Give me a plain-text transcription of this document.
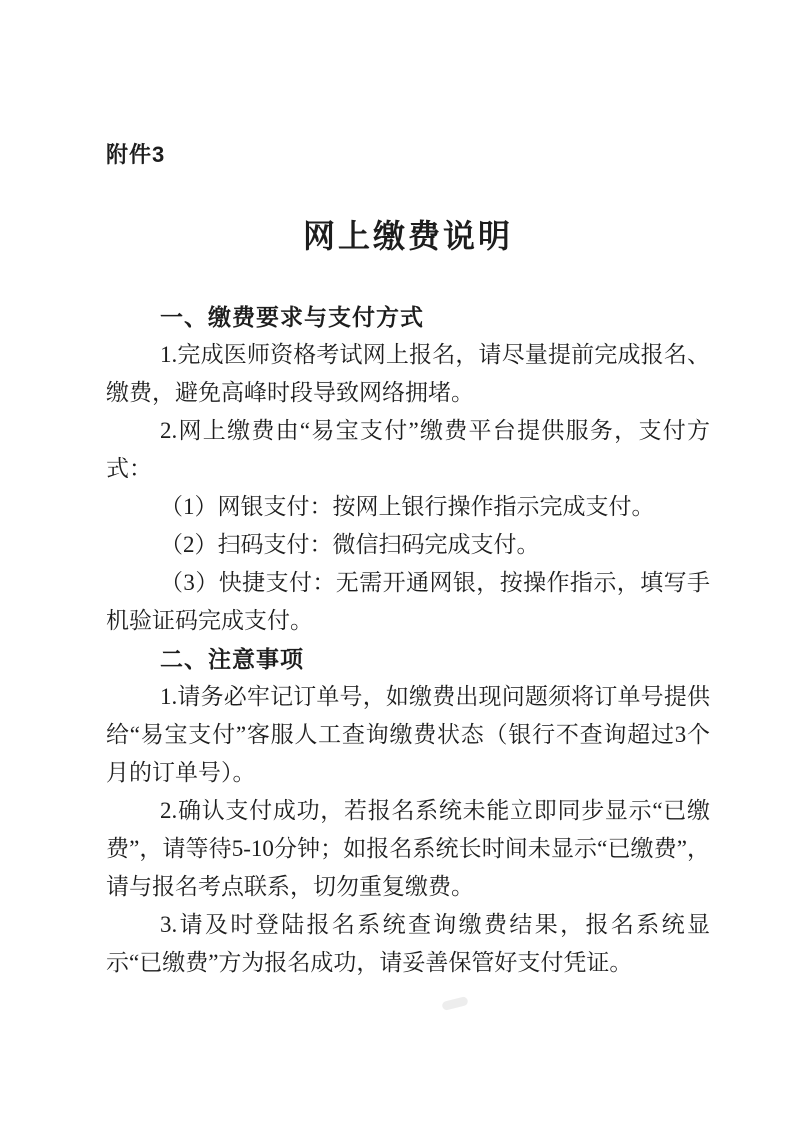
附件3
网上缴费说明
一、缴费要求与支付方式

1.完成医师资格考试网上报名，请尽量提前完成报名、缴费，避免高峰时段导致网络拥堵。

2.网上缴费由“易宝支付”缴费平台提供服务，支付方式：

（1）网银支付：按网上银行操作指示完成支付。

（2）扫码支付：微信扫码完成支付。

（3）快捷支付：无需开通网银，按操作指示，填写手机验证码完成支付。

二、注意事项

1.请务必牢记订单号，如缴费出现问题须将订单号提供给“易宝支付”客服人工查询缴费状态（银行不查询超过3个月的订单号）。

2.确认支付成功，若报名系统未能立即同步显示“已缴费”，请等待5-10分钟；如报名系统长时间未显示“已缴费”，请与报名考点联系，切勿重复缴费。

3.请及时登陆报名系统查询缴费结果，报名系统显示“已缴费”方为报名成功，请妥善保管好支付凭证。
